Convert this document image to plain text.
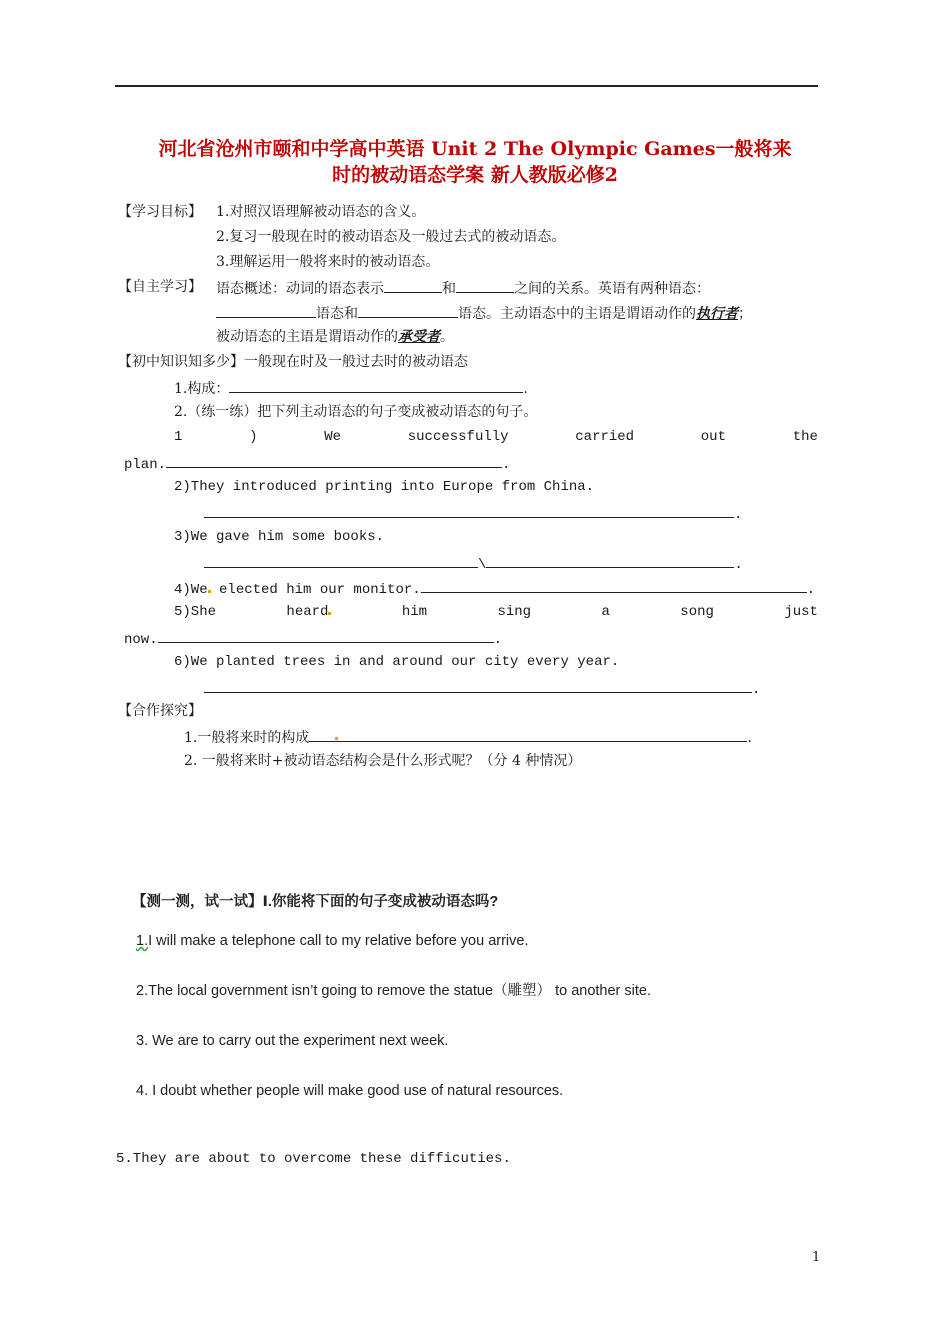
河北省沧州市颐和中学高中英语 Unit 2 The Olympic Games一般将来
时的被动语态学案 新人教版必修2
【学习目标】 1.对照汉语理解被动语态的含义。
2.复习一般现在时的被动语态及一般过去式的被动语态。
3.理解运用一般将来时的被动语态。
【自主学习】 语态概述：动词的语态表示	和	之间的关系。英语有两种语态：
语态和	语态。主动语态中的主语是谓语动作的执行者；
被动语态的主语是谓语动作的承受者。
【初中知识知多少】一般现在时及一般过去时的被动语态
1.构成：	.
2.（练一练）把下列主动语态的句子变成被动语态的句子。
1	)	We	successfully	carried	out	the
plan.	.
2)They introduced printing into Europe from China.
.
3)We gave him some books.
\	.
4)We elected him our monitor.	.
5)She	heard	him	sing	a	song	just
now.	.
6)We planted trees in and around our city every year.
.
【合作探究】
1.一般将来时的构成	.
2. 一般将来时+被动语态结构会是什么形式呢？（分 4 种情况）
【测一测，试一试】Ⅰ.你能将下面的句子变成被动语态吗?
1.I will make a telephone call to my relative before you arrive.
2.The local government isn’t going to remove the statue（雕塑） to another site.
3. We are to carry out the experiment next week.
4. I doubt whether people will make good use of natural resources.
5.They are about to overcome these difficuties.
1
